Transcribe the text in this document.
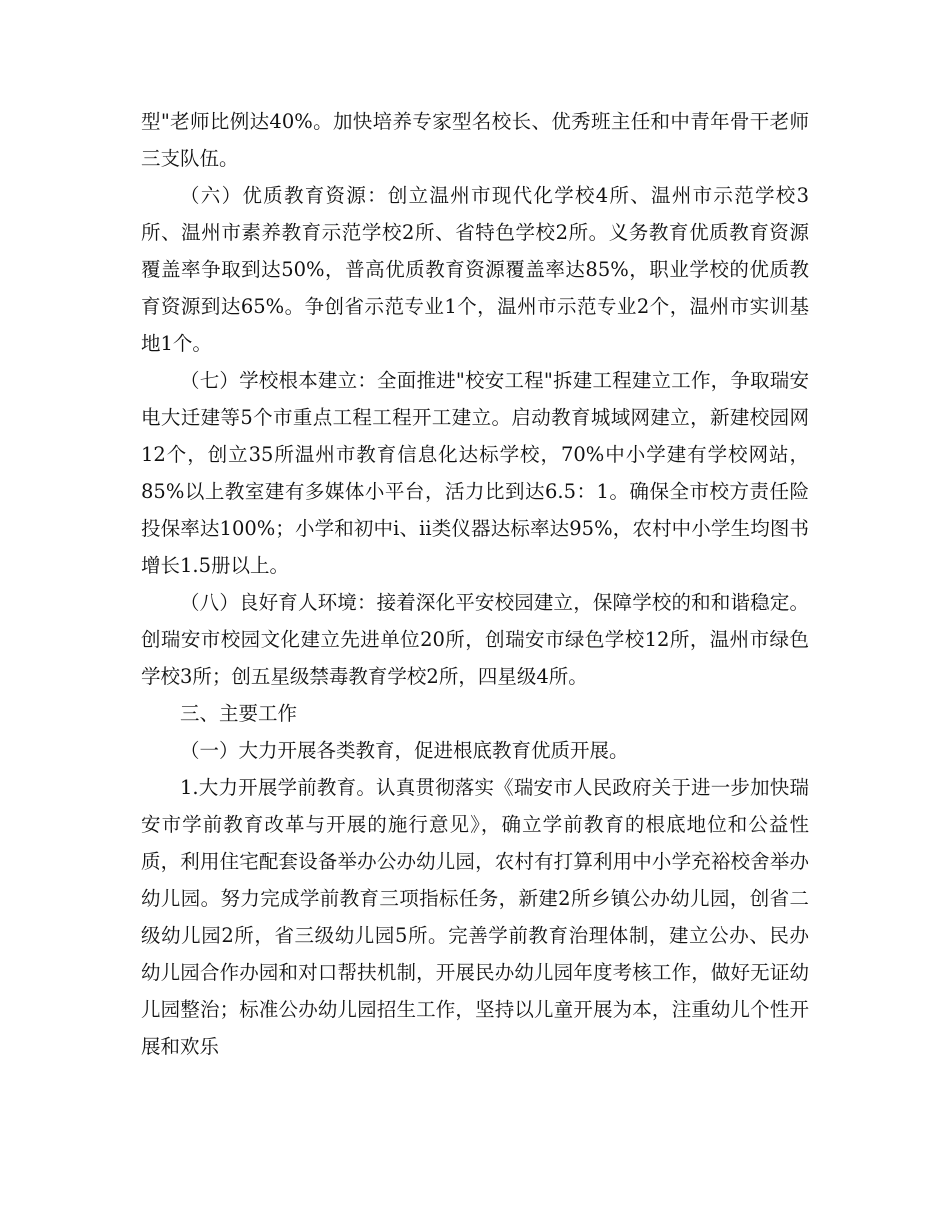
型"老师比例达40%。加快培养专家型名校长、优秀班主任和中青年骨干老师三支队伍。

（六）优质教育资源：创立温州市现代化学校4所、温州市示范学校3所、温州市素养教育示范学校2所、省特色学校2所。义务教育优质教育资源覆盖率争取到达50%，普高优质教育资源覆盖率达85%，职业学校的优质教育资源到达65%。争创省示范专业1个，温州市示范专业2个，温州市实训基地1个。

（七）学校根本建立：全面推进"校安工程"拆建工程建立工作，争取瑞安电大迁建等5个市重点工程工程开工建立。启动教育城域网建立，新建校园网12个，创立35所温州市教育信息化达标学校，70%中小学建有学校网站，85%以上教室建有多媒体小平台，活力比到达6.5：1。确保全市校方责任险投保率达100%；小学和初中ⅰ、ⅱ类仪器达标率达95%，农村中小学生均图书增长1.5册以上。

（八）良好育人环境：接着深化平安校园建立，保障学校的和和谐稳定。创瑞安市校园文化建立先进单位20所，创瑞安市绿色学校12所，温州市绿色学校3所；创五星级禁毒教育学校2所，四星级4所。

三、主要工作

（一）大力开展各类教育，促进根底教育优质开展。

1.大力开展学前教育。认真贯彻落实《瑞安市人民政府关于进一步加快瑞安市学前教育改革与开展的施行意见》，确立学前教育的根底地位和公益性质，利用住宅配套设备举办公办幼儿园，农村有打算利用中小学充裕校舍举办幼儿园。努力完成学前教育三项指标任务，新建2所乡镇公办幼儿园，创省二级幼儿园2所，省三级幼儿园5所。完善学前教育治理体制，建立公办、民办幼儿园合作办园和对口帮扶机制，开展民办幼儿园年度考核工作，做好无证幼儿园整治；标准公办幼儿园招生工作，坚持以儿童开展为本，注重幼儿个性开展和欢乐
